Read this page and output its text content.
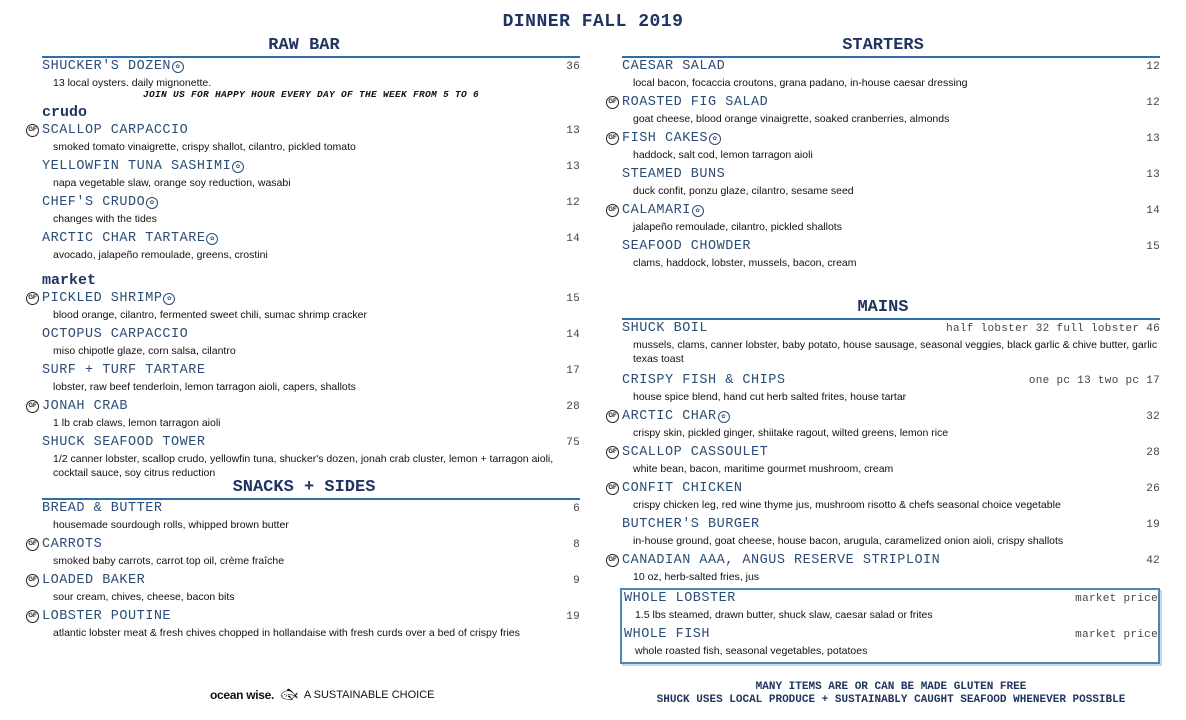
DINNER FALL 2019
RAW BAR
SHUCKER'S DOZEN ✿	36
13 local oysters. daily mignonette.
JOIN US FOR HAPPY HOUR EVERY DAY OF THE WEEK FROM 5 TO 6
crudo
GF SCALLOP CARPACCIO	13
smoked tomato vinaigrette, crispy shallot, cilantro, pickled tomato
YELLOWFIN TUNA SASHIMI ✿	13
napa vegetable slaw, orange soy reduction, wasabi
CHEF'S CRUDO ✿	12
changes with the tides
ARCTIC CHAR TARTARE ✿	14
avocado, jalapeño remoulade, greens, crostini
market
GF PICKLED SHRIMP ✿	15
blood orange, cilantro, fermented sweet chili, sumac shrimp cracker
OCTOPUS CARPACCIO	14
miso chipotle glaze, corn salsa, cilantro
SURF + TURF TARTARE	17
lobster, raw beef tenderloin, lemon tarragon aioli, capers, shallots
GF JONAH CRAB	28
1 lb crab claws, lemon tarragon aioli
SHUCK SEAFOOD TOWER	75
1/2 canner lobster, scallop crudo, yellowfin tuna, shucker's dozen, jonah crab cluster, lemon + tarragon aioli, cocktail sauce, soy citrus reduction
SNACKS + SIDES
BREAD & BUTTER	6
housemade sourdough rolls, whipped brown butter
GF CARROTS	8
smoked baby carrots, carrot top oil, crème fraîche
GF LOADED BAKER	9
sour cream, chives, cheese, bacon bits
GF LOBSTER POUTINE	19
atlantic lobster meat & fresh chives chopped in hollandaise with fresh curds over a bed of crispy fries
ocean wise. 🐟︎ A SUSTAINABLE CHOICE
STARTERS
CAESAR SALAD	12
local bacon, focaccia croutons, grana padano, in-house caesar dressing
GF ROASTED FIG SALAD	12
goat cheese, blood orange vinaigrette, soaked cranberries, almonds
GF FISH CAKES ✿	13
haddock, salt cod, lemon tarragon aioli
STEAMED BUNS	13
duck confit, ponzu glaze, cilantro, sesame seed
GF CALAMARI ✿	14
jalapeño remoulade, cilantro, pickled shallots
SEAFOOD CHOWDER	15
clams, haddock, lobster, mussels, bacon, cream
MAINS
SHUCK BOIL	half lobster 32 full lobster 46
mussels, clams, canner lobster, baby potato, house sausage, seasonal veggies, black garlic & chive butter, garlic texas toast
CRISPY FISH & CHIPS	one pc 13 two pc 17
house spice blend, hand cut herb salted frites, house tartar
GF ARCTIC CHAR ✿	32
crispy skin, pickled ginger, shiitake ragout, wilted greens, lemon rice
GF SCALLOP CASSOULET	28
white bean, bacon, maritime gourmet mushroom, cream
GF CONFIT CHICKEN	26
crispy chicken leg, red wine thyme jus, mushroom risotto & chefs seasonal choice vegetable
BUTCHER'S BURGER	19
in-house ground, goat cheese, house bacon, arugula, caramelized onion aioli, crispy shallots
GF CANADIAN AAA, ANGUS RESERVE STRIPLOIN	42
10 oz, herb-salted fries, jus
WHOLE LOBSTER	market price
1.5 lbs steamed, drawn butter, shuck slaw, caesar salad or frites
WHOLE FISH	market price
whole roasted fish, seasonal vegetables, potatoes
MANY ITEMS ARE OR CAN BE MADE GLUTEN FREE
SHUCK USES LOCAL PRODUCE + SUSTAINABLY CAUGHT SEAFOOD WHENEVER POSSIBLE
